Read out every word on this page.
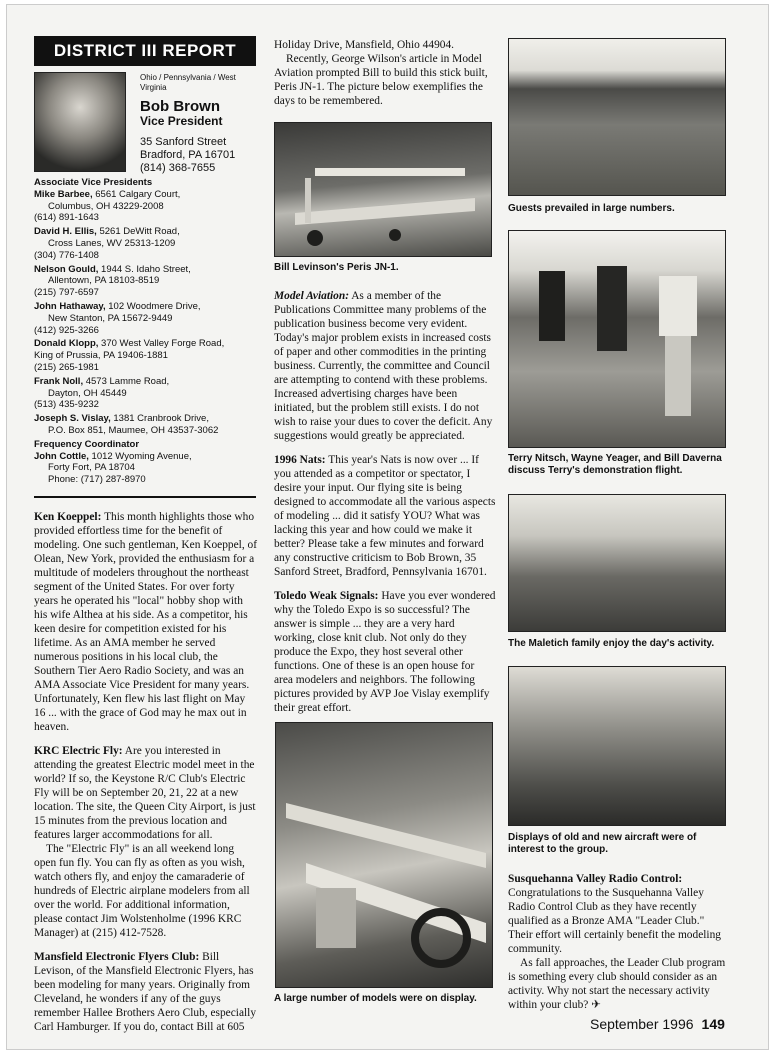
DISTRICT III REPORT
Ohio / Pennsylvania / West Virginia
Bob Brown
Vice President
35 Sanford Street
Bradford, PA 16701
(814) 368-7655
Associate Vice Presidents
Mike Barbee, 6561 Calgary Court,
Columbus, OH 43229-2008
(614) 891-1643
David H. Ellis, 5261 DeWitt Road,
Cross Lanes, WV 25313-1209
(304) 776-1408
Nelson Gould, 1944 S. Idaho Street,
Allentown, PA 18103-8519
(215) 797-6597
John Hathaway, 102 Woodmere Drive,
New Stanton, PA 15672-9449
(412) 925-3266
Donald Klopp, 370 West Valley Forge Road,
King of Prussia, PA 19406-1881
(215) 265-1981
Frank Noll, 4573 Lamme Road,
Dayton, OH 45449
(513) 435-9232
Joseph S. Vislay, 1381 Cranbrook Drive,
P.O. Box 851, Maumee, OH 43537-3062
Frequency Coordinator
John Cottle, 1012 Wyoming Avenue,
Forty Fort, PA 18704
Phone: (717) 287-8970

Ken Koeppel: This month highlights those who provided effortless time for the benefit of modeling. One such gentleman, Ken Koeppel, of Olean, New York, provided the enthusiasm for a multitude of modelers throughout the northeast segment of the United States. For over forty years he operated his "local" hobby shop with his wife Althea at his side. As a competitor, his keen desire for competition existed for his lifetime. As an AMA member he served numerous positions in his local club, the Southern Tier Aero Radio Society, and was an AMA Associate Vice President for many years. Unfortunately, Ken flew his last flight on May 16 ... with the grace of God may he max out in heaven.

KRC Electric Fly: Are you interested in attending the greatest Electric model meet in the world? If so, the Keystone R/C Club's Electric Fly will be on September 20, 21, 22 at a new location. The site, the Queen City Airport, is just 15 minutes from the previous location and features larger accommodations for all.

The "Electric Fly" is an all weekend long open fun fly. You can fly as often as you wish, watch others fly, and enjoy the camaraderie of hundreds of Electric airplane modelers from all over the world. For additional information, please contact Jim Wolstenholme (1996 KRC Manager) at (215) 412-7528.

Mansfield Electronic Flyers Club: Bill Levison, of the Mansfield Electronic Flyers, has been modeling for many years. Originally from Cleveland, he wonders if any of the guys remember Hallee Brothers Aero Club, especially Carl Hamburger. If you do, contact Bill at 605

Holiday Drive, Mansfield, Ohio 44904.
Recently, George Wilson's article in Model Aviation prompted Bill to build this stick built, Peris JN-1. The picture below exemplifies the days to be remembered.
Bill Levinson's Peris JN-1.

Model Aviation: As a member of the Publications Committee many problems of the publication business become very evident. Today's major problem exists in increased costs of paper and other commodities in the printing business. Currently, the committee and Council are attempting to contend with these problems. Increased advertising charges have been initiated, but the problem still exists. I do not wish to raise your dues to cover the deficit. Any suggestions would greatly be appreciated.

1996 Nats: This year's Nats is now over ... If you attended as a competitor or spectator, I desire your input. Our flying site is being designed to accommodate all the various aspects of modeling ... did it satisfy YOU? What was lacking this year and how could we make it better? Please take a few minutes and forward any constructive criticism to Bob Brown, 35 Sanford Street, Bradford, Pennsylvania 16701.

Toledo Weak Signals: Have you ever wondered why the Toledo Expo is so successful? The answer is simple ... they are a very hard working, close knit club. Not only do they produce the Expo, they host several other functions. One of these is an open house for area modelers and neighbors. The following pictures provided by AVP Joe Vislay exemplify their great effort.

A large number of models were on display.
Guests prevailed in large numbers.
Terry Nitsch, Wayne Yeager, and Bill Daverna discuss Terry's demonstration flight.
The Maletich family enjoy the day's activity.
Displays of old and new aircraft were of interest to the group.
Susquehanna Valley Radio Control: Congratulations to the Susquehanna Valley Radio Control Club as they have recently qualified as a Bronze AMA "Leader Club." Their effort will certainly benefit the modeling community.
As fall approaches, the Leader Club program is something every club should consider as an activity. Why not start the necessary activity within your club? ✈
September 1996 149
